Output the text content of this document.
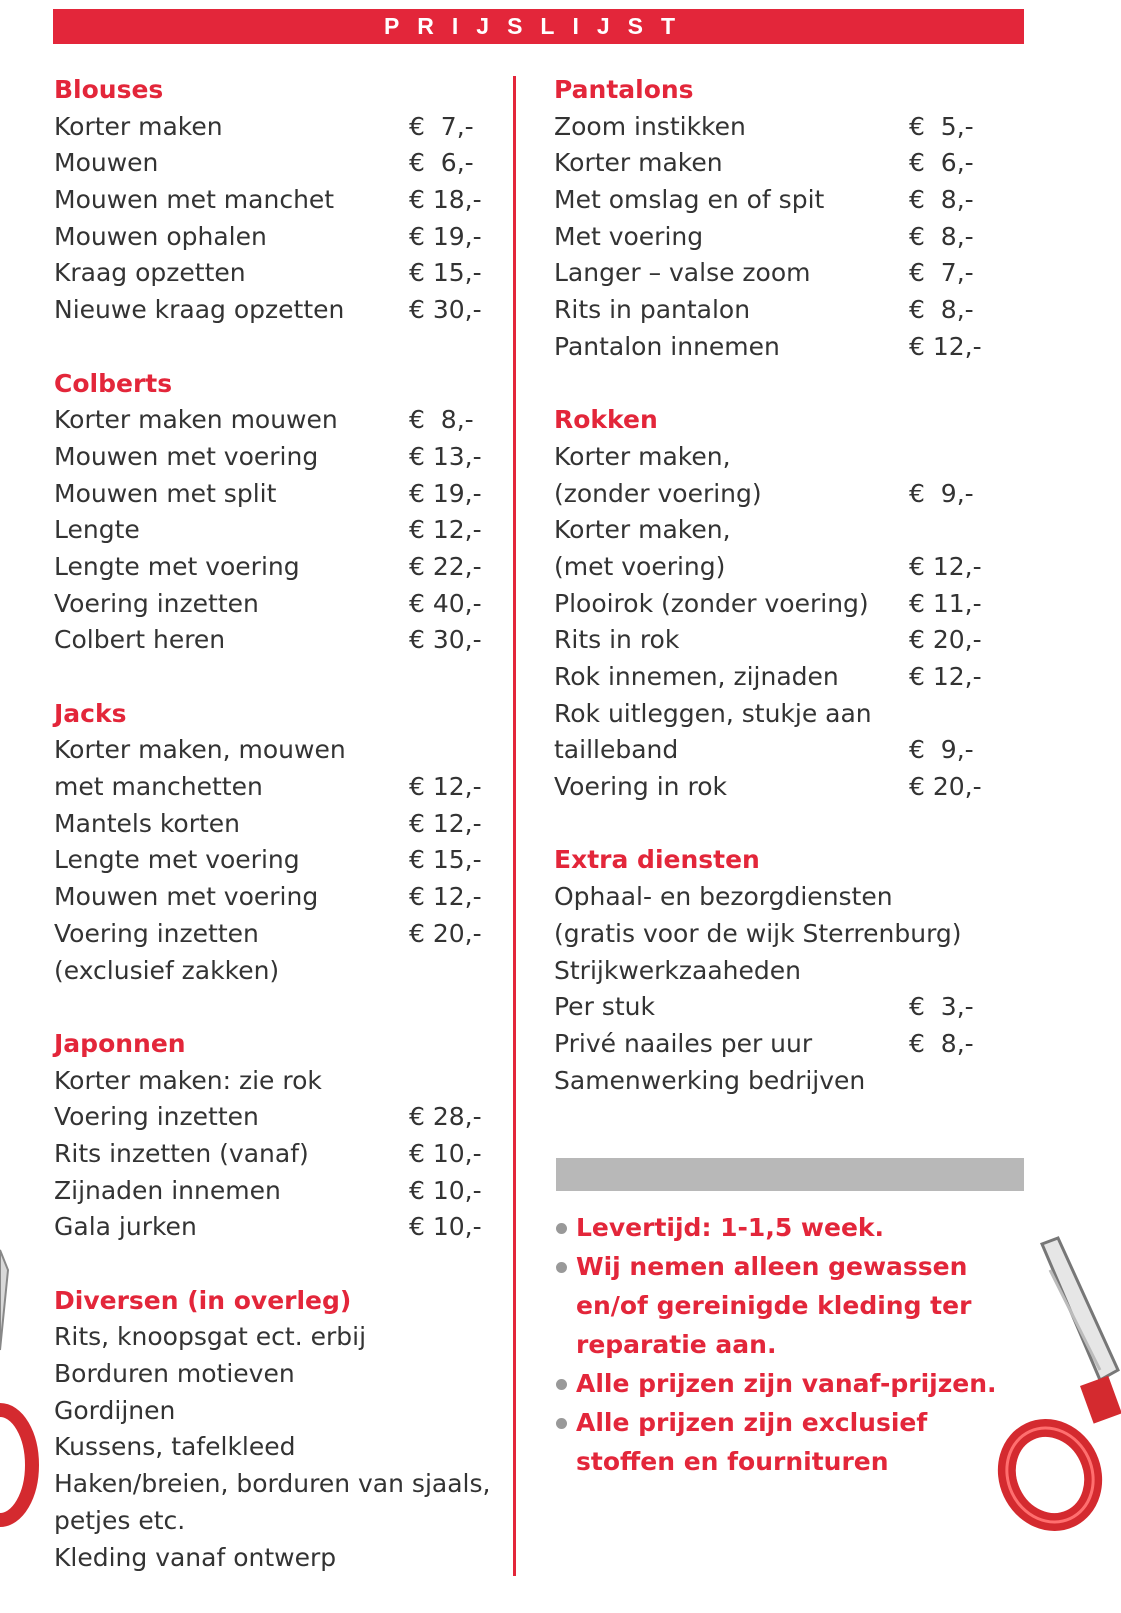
PRIJSLIJST
Blouses
Korter maken	€  7,-
Mouwen	€  6,-
Mouwen met manchet	€ 18,-
Mouwen ophalen	€ 19,-
Kraag opzetten	€ 15,-
Nieuwe kraag opzetten	€ 30,-
Colberts
Korter maken mouwen	€  8,-
Mouwen met voering	€ 13,-
Mouwen met split	€ 19,-
Lengte	€ 12,-
Lengte met voering	€ 22,-
Voering inzetten	€ 40,-
Colbert heren	€ 30,-
Jacks
Korter maken, mouwen
met manchetten	€ 12,-
Mantels korten	€ 12,-
Lengte met voering	€ 15,-
Mouwen met voering	€ 12,-
Voering inzetten	€ 20,-
(exclusief zakken)
Japonnen
Korter maken: zie rok
Voering inzetten	€ 28,-
Rits inzetten (vanaf)	€ 10,-
Zijnaden innemen	€ 10,-
Gala jurken	€ 10,-
Diversen (in overleg)
Rits, knoopsgat ect. erbij
Borduren motieven
Gordijnen
Kussens, tafelkleed
Haken/breien, borduren van sjaals,
petjes etc.
Kleding vanaf ontwerp
Pantalons
Zoom instikken	€  5,-
Korter maken	€  6,-
Met omslag en of spit	€  8,-
Met voering	€  8,-
Langer – valse zoom	€  7,-
Rits in pantalon	€  8,-
Pantalon innemen	€ 12,-
Rokken
Korter maken,
(zonder voering)	€  9,-
Korter maken,
(met voering)	€ 12,-
Plooirok (zonder voering) € 11,-
Rits in rok	€ 20,-
Rok innemen, zijnaden	€ 12,-
Rok uitleggen, stukje aan
tailleband	€  9,-
Voering in rok	€ 20,-
Extra diensten
Ophaal- en bezorgdiensten
(gratis voor de wijk Sterrenburg)
Strijkwerkzaaheden
Per stuk	€  3,-
Privé naailes per uur	€  8,-
Samenwerking bedrijven
Levertijd: 1-1,5 week.
Wij nemen alleen gewassen en/of gereinigde kleding ter reparatie aan.
Alle prijzen zijn vanaf-prijzen.
Alle prijzen zijn exclusief stoffen en fournituren
